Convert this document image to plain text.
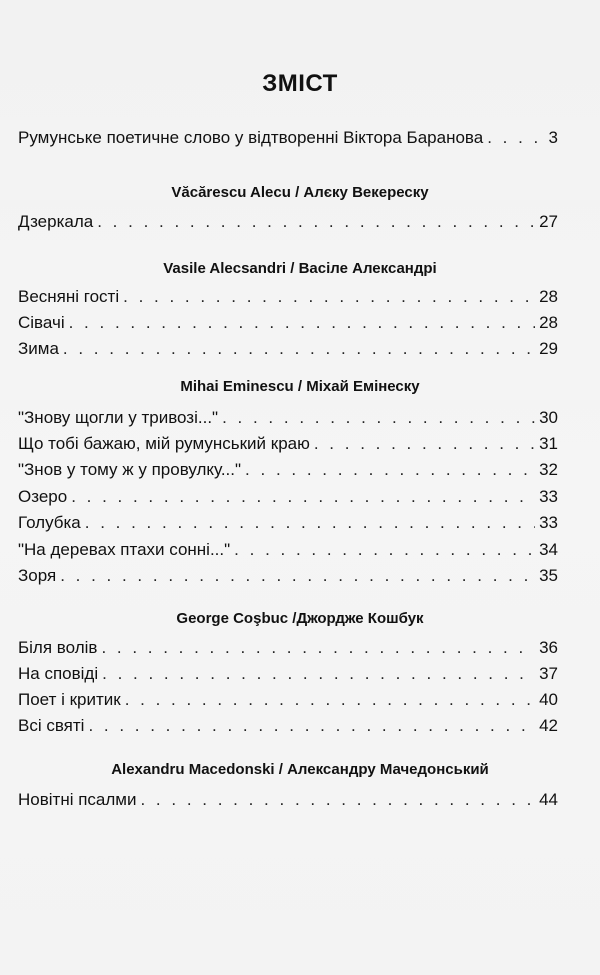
ЗМІСТ
Румунське поетичне слово у відтворенні Віктора Баранова . . .	3
Văcărescu Aleсu / Алєку Векереску
Дзеркала . . .	27
Vasile Alecsandri / Васіле Александрі
Весняні гості . . .	28
Сівачі . . .	28
Зима . . .	29
Mihai Eminescu / Міхай Емінеску
"Знову щогли у тривозі..." . . .	30
Що тобі бажаю, мій румунський краю . . .	31
"Знов у тому ж у провулку..." . . .	32
Озеро . . .	33
Голубка . . .	33
"На деревах птахи сонні..." . . .	34
Зоря . . .	35
George Coşbuc /Джордже Кошбук
Біля волів . . .	36
На сповіді . . .	37
Поет і критик . . .	40
Всі святі . . .	42
Alexandru Macedonski / Александру Мачедонський
Новітні псалми . . .	44
